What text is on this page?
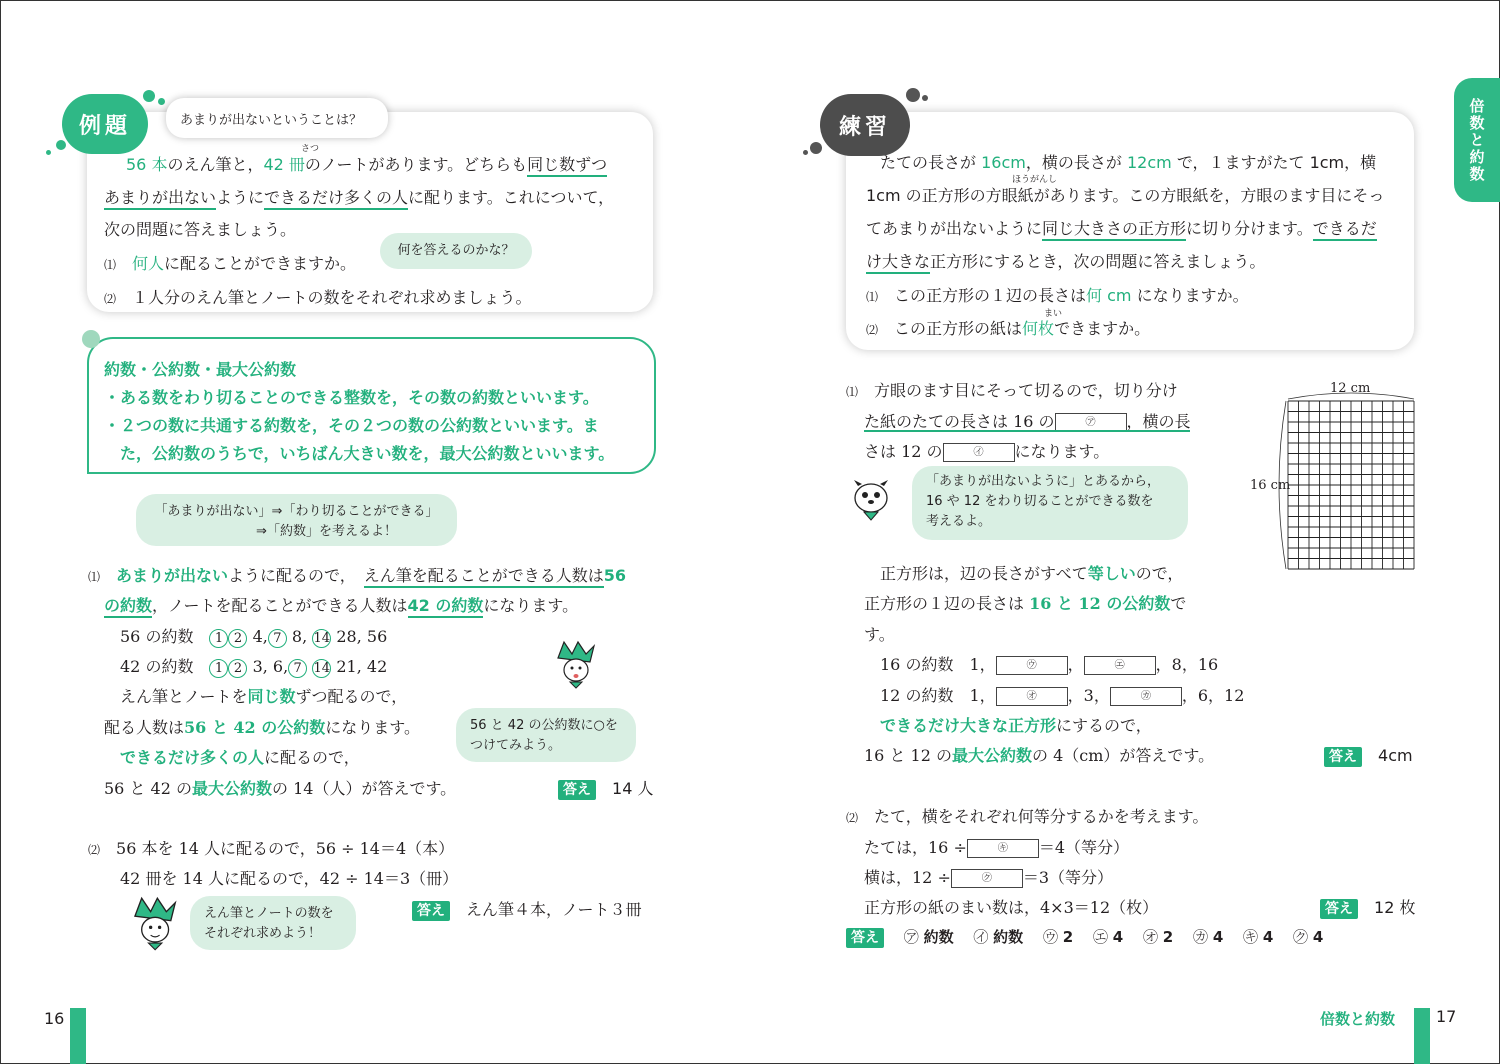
例題	あまりが出ないということは？
さつ
56 本のえん筆と，42 冊のノートがあります。どちらも同じ数ずつ
あまりが出ないようにできるだけ多くの人に配ります。これについて，
次の問題に答えましょう。
⑴　 何人に配ることができますか。
何を答えるのかな？
⑵　 １人分のえん筆とノートの数をそれぞれ求めましょう。
約数・公約数・最大公約数
・ある数をわり切ることのできる整数を，その数の約数といいます。
・２つの数に共通する約数を，その２つの数の公約数といいます。ま
た，公約数のうちで，いちばん大きい数を，最大公約数といいます。
「あまりが出ない」⇒「わり切ることができる」
⇒「約数」を考えるよ！
⑴　 あまりが出ないように配るので，　 えん筆を配ることができる人数は56
の約数，ノートを配ることができる人数は42 の約数になります。
56 の約数　 1 2 4, 7 8, 14 28, 56
42 の約数　 1 2 3, 6, 7 14 21, 42
えん筆とノートを同じ数ずつ配るので，
配る人数は56 と 42 の公約数になります。
できるだけ多くの人に配るので，
56 と 42 の最大公約数の 14（人）が答えです。	答え　 14 人
56 と 42 の公約数に○をつけてみよう。
⑵　 56 本を 14 人に配るので，56 ÷ 14＝4（本）
42 冊を 14 人に配るので，42 ÷ 14＝3（冊）
答え　 えん筆４本，ノート３冊
えん筆とノートの数をそれぞれ求めよう！
16
倍数と約数
練習
たての長さが 16cm，横の長さが 12cm で，１ますがたて 1cm，横
ほうがんし
1cm の正方形の方眼紙があります。この方眼紙を，方眼のます目にそっ
てあまりが出ないように同じ大きさの正方形に切り分けます。できるだ
け大きな正方形にするとき，次の問題に答えましょう。
⑴　 この正方形の１辺の長さは何 cm になりますか。
まい
⑵　 この正方形の紙は何枚できますか。
12 cm
16 cm
⑴　 方眼のます目にそって切るので，切り分け
た紙のたての長さは 16 の	㋐ ，横の長
さは 12 の	㋑ になります。
「あまりが出ないように」とあるから，
16 や 12 をわり切ることができる数を
考えるよ。
正方形は，辺の長さがすべて等しいので，
正方形の１辺の長さは 16 と 12 の公約数で
す。
16 の約数　1，	㋒ ，	㋓ ，8，16
12 の約数　1，	㋔ ，3，	㋕ ，6，12
できるだけ大きな正方形にするので，
16 と 12 の最大公約数の 4（cm）が答えです。	答え　 4cm
⑵　 たて，横をそれぞれ何等分するかを考えます。
たては，16 ÷	㋖ ＝4（等分）
横は，12 ÷	㋗ ＝3（等分）
正方形の紙のまい数は，4×3＝12（枚）	答え　 12 枚
答え　 ㋐ 約数　 ㋑ 約数　 ㋒ 2　 ㋓ 4　 ㋔ 2　 ㋕ 4　 ㋖ 4　 ㋗ 4
倍数と約数	17
